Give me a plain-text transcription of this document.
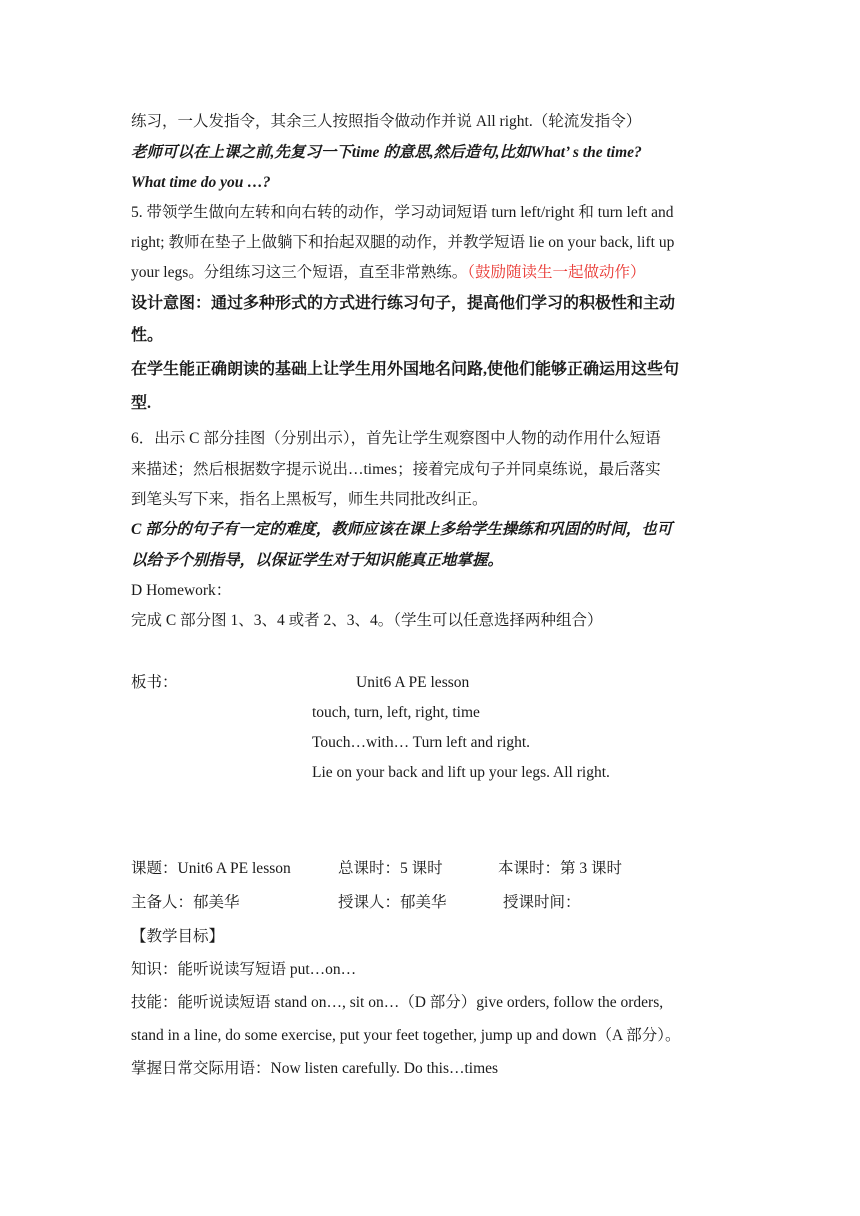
练习，一人发指令，其余三人按照指令做动作并说 All right.（轮流发指令）
老师可以在上课之前,先复习一下time 的意思,然后造句,比如What’ s the time?
What time do you …?
5. 带领学生做向左转和向右转的动作，学习动词短语 turn left/right 和 turn left and
right; 教师在垫子上做躺下和抬起双腿的动作，并教学短语 lie on your back, lift up
your legs。分组练习这三个短语，直至非常熟练。（鼓励随读生一起做动作）
设计意图：通过多种形式的方式进行练习句子，提高他们学习的积极性和主动
性。
在学生能正确朗读的基础上让学生用外国地名问路,使他们能够正确运用这些句
型.
6．出示 C 部分挂图（分别出示），首先让学生观察图中人物的动作用什么短语
来描述；然后根据数字提示说出…times；接着完成句子并同桌练说，最后落实
到笔头写下来，指名上黑板写，师生共同批改纠正。
C 部分的句子有一定的难度，教师应该在课上多给学生操练和巩固的时间，也可
以给予个别指导，以保证学生对于知识能真正地掌握。
D Homework：
完成 C 部分图 1、3、4 或者 2、3、4。（学生可以任意选择两种组合）
板书：	Unit6 A PE lesson
touch, turn, left, right, time
Touch…with… Turn left and right.
Lie on your back and lift up your legs. All right.
课题：Unit6 A PE lesson	总课时：5 课时	本课时：第 3 课时
主备人：郁美华	授课人：郁美华	授课时间：
【教学目标】
知识：能听说读写短语 put…on…
技能：能听说读短语 stand on…, sit on…（D 部分）give orders, follow the orders,
stand in a line, do some exercise, put your feet together, jump up and down（A 部分）。
掌握日常交际用语：Now listen carefully. Do this…times
